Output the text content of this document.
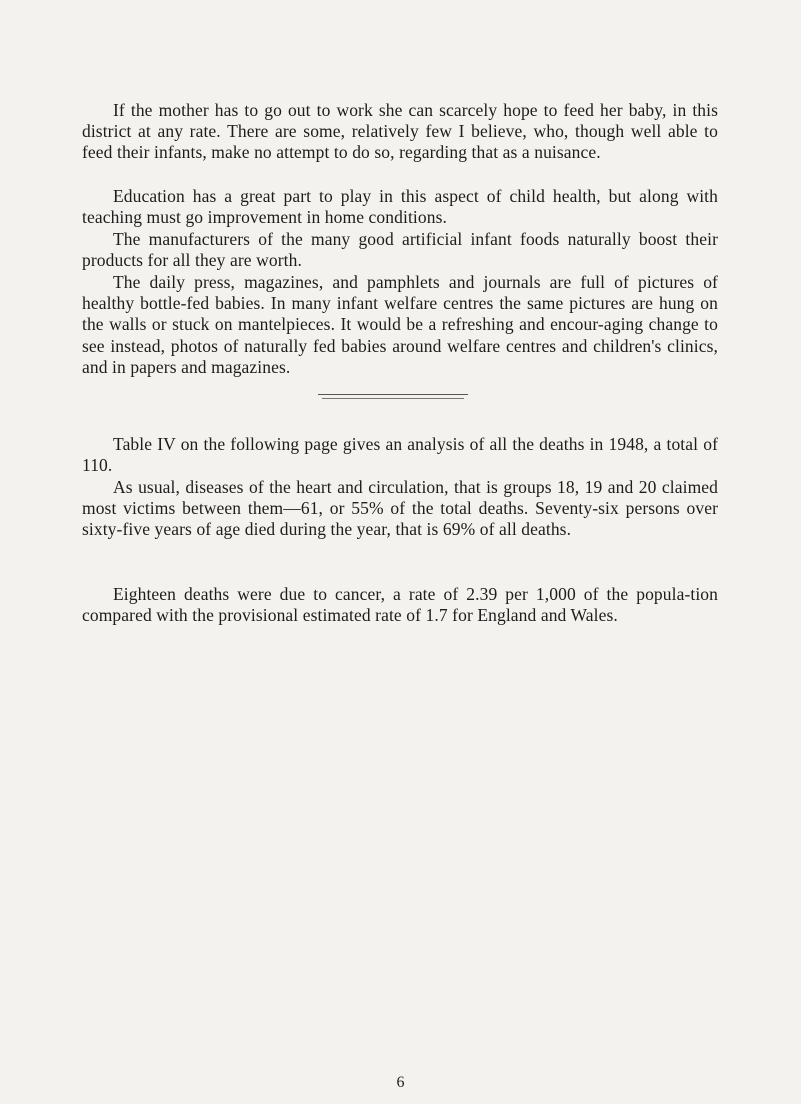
If the mother has to go out to work she can scarcely hope to feed her baby, in this district at any rate. There are some, relatively few I believe, who, though well able to feed their infants, make no attempt to do so, regarding that as a nuisance.

Education has a great part to play in this aspect of child health, but along with teaching must go improvement in home conditions.

The manufacturers of the many good artificial infant foods naturally boost their products for all they are worth.

The daily press, magazines, and pamphlets and journals are full of pictures of healthy bottle-fed babies. In many infant welfare centres the same pictures are hung on the walls or stuck on mantelpieces. It would be a refreshing and encour-aging change to see instead, photos of naturally fed babies around welfare centres and children's clinics, and in papers and magazines.

Table IV on the following page gives an analysis of all the deaths in 1948, a total of 110.

As usual, diseases of the heart and circulation, that is groups 18, 19 and 20 claimed most victims between them—61, or 55% of the total deaths. Seventy-six persons over sixty-five years of age died during the year, that is 69% of all deaths.

Eighteen deaths were due to cancer, a rate of 2.39 per 1,000 of the popula-tion compared with the provisional estimated rate of 1.7 for England and Wales.

6
